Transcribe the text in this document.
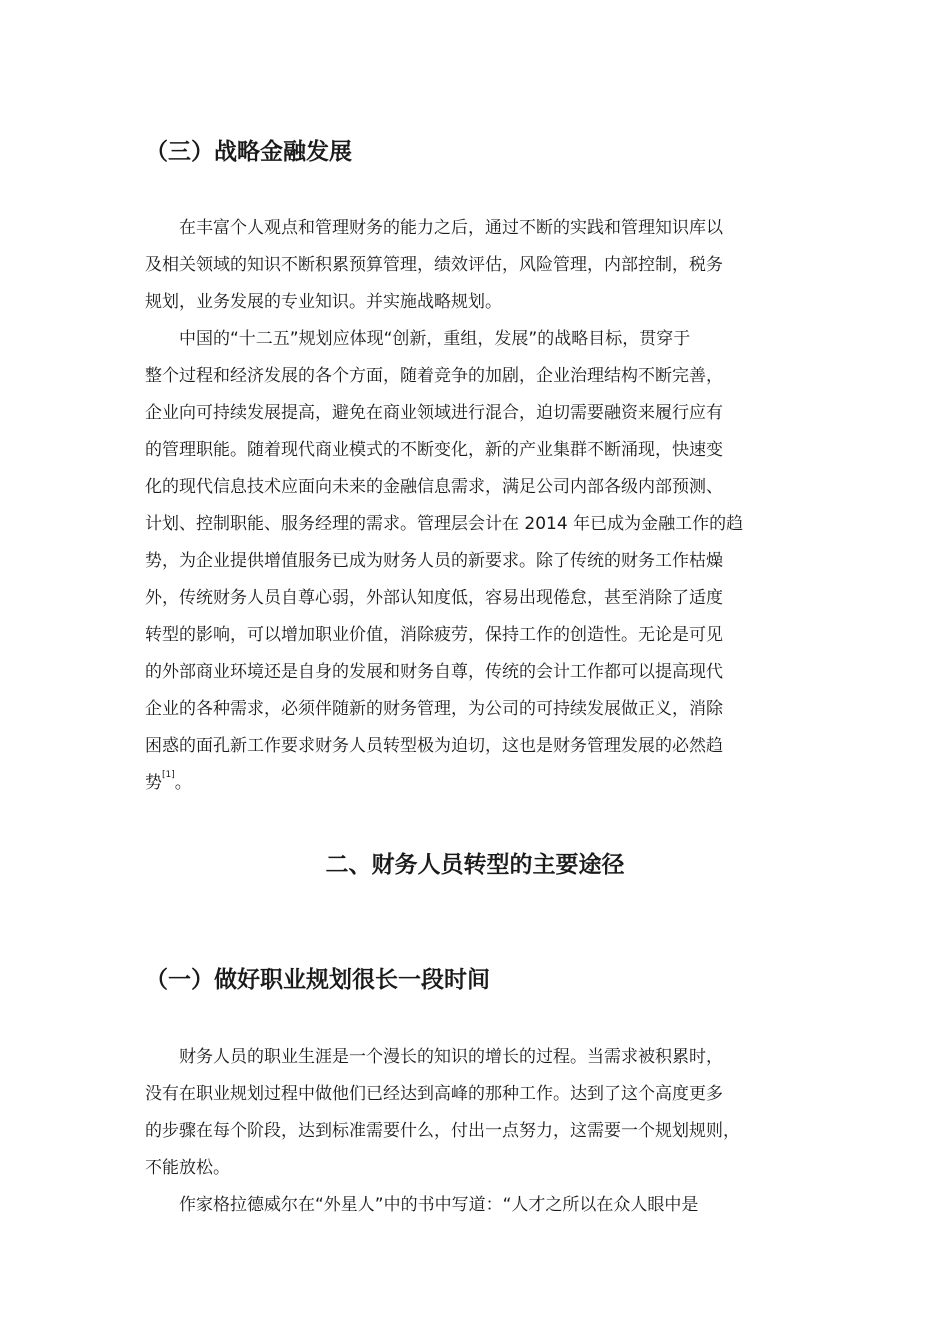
（三）战略金融发展
在丰富个人观点和管理财务的能力之后，通过不断的实践和管理知识库以
及相关领域的知识不断积累预算管理，绩效评估，风险管理，内部控制，税务
规划，业务发展的专业知识。并实施战略规划。
中国的“十二五”规划应体现“创新，重组，发展”的战略目标，贯穿于
整个过程和经济发展的各个方面，随着竞争的加剧，企业治理结构不断完善，
企业向可持续发展提高，避免在商业领域进行混合，迫切需要融资来履行应有
的管理职能。随着现代商业模式的不断变化，新的产业集群不断涌现，快速变
化的现代信息技术应面向未来的金融信息需求，满足公司内部各级内部预测、
计划、控制职能、服务经理的需求。管理层会计在 2014 年已成为金融工作的趋
势，为企业提供增值服务已成为财务人员的新要求。除了传统的财务工作枯燥
外，传统财务人员自尊心弱，外部认知度低，容易出现倦怠，甚至消除了适度
转型的影响，可以增加职业价值，消除疲劳，保持工作的创造性。无论是可见
的外部商业环境还是自身的发展和财务自尊，传统的会计工作都可以提高现代
企业的各种需求，必须伴随新的财务管理，为公司的可持续发展做正义，消除
困惑的面孔新工作要求财务人员转型极为迫切，这也是财务管理发展的必然趋
势[1]。
二、财务人员转型的主要途径
（一）做好职业规划很长一段时间
财务人员的职业生涯是一个漫长的知识的增长的过程。当需求被积累时，
没有在职业规划过程中做他们已经达到高峰的那种工作。达到了这个高度更多
的步骤在每个阶段，达到标准需要什么，付出一点努力，这需要一个规划规则，
不能放松。
作家格拉德威尔在“外星人”中的书中写道：“人才之所以在众人眼中是
